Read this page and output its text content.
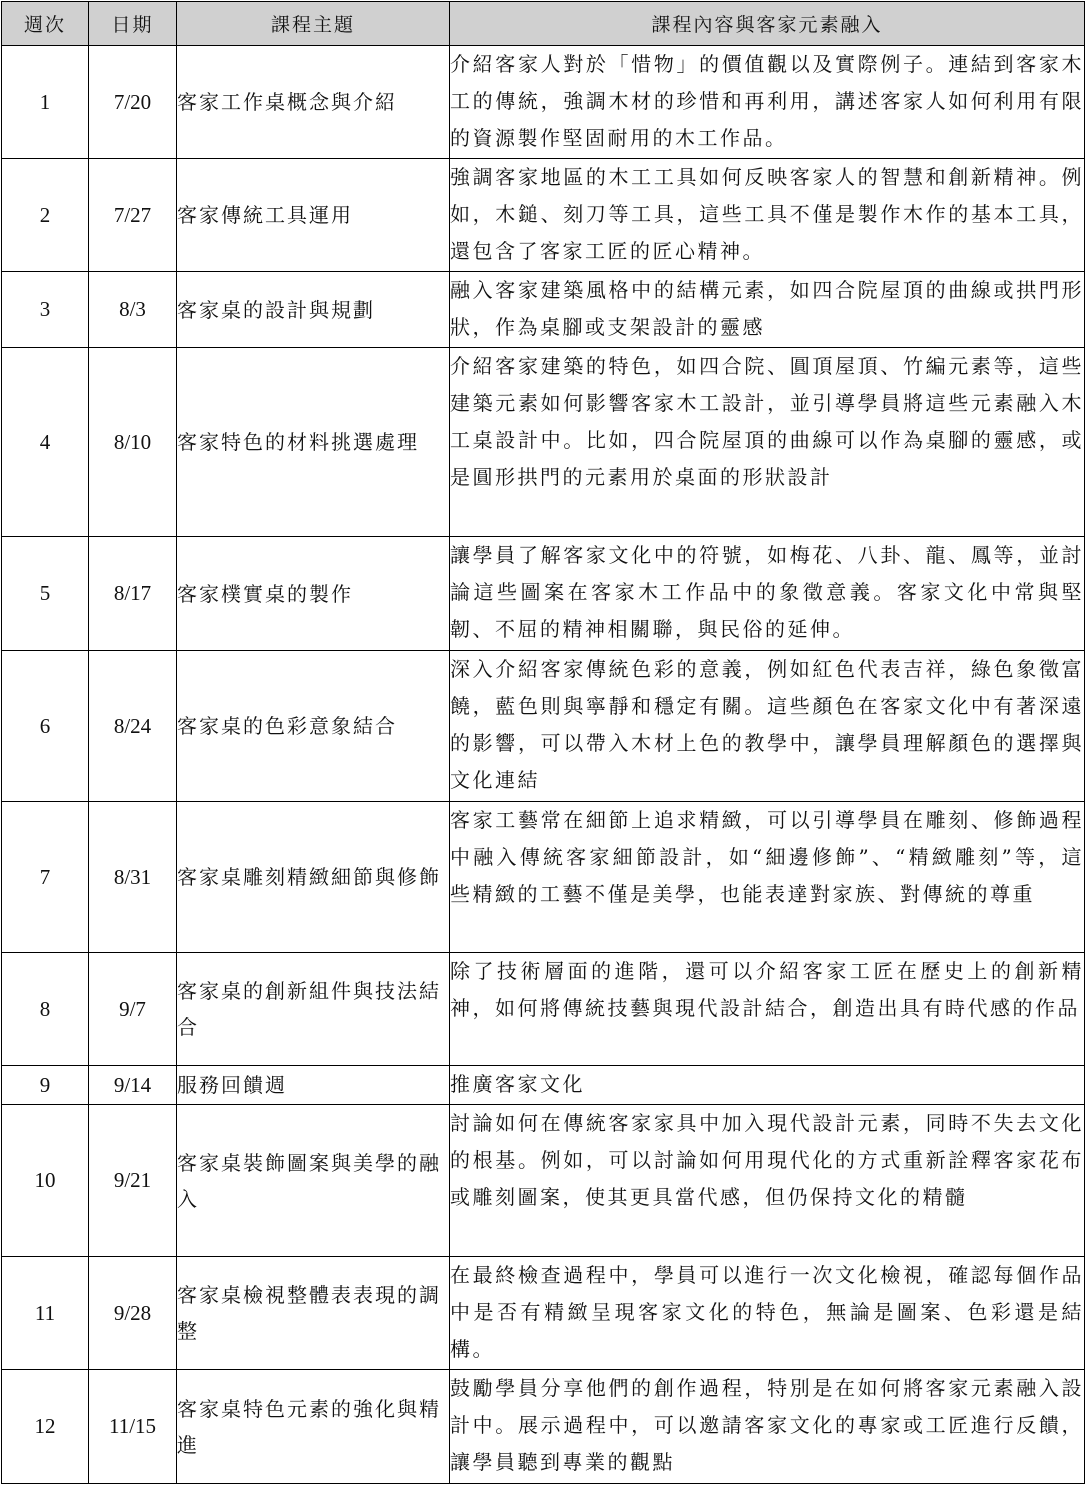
週次	日期	課程主題	課程內容與客家元素融入
1	7/20	客家工作桌概念與介紹	介紹客家人對於「惜物」的價值觀以及實際例子。連結到客家木工的傳統，強調木材的珍惜和再利用，講述客家人如何利用有限的資源製作堅固耐用的木工作品。
2	7/27	客家傳統工具運用	強調客家地區的木工工具如何反映客家人的智慧和創新精神。例如，木鎚、刻刀等工具，這些工具不僅是製作木作的基本工具，還包含了客家工匠的匠心精神。
3	8/3	客家桌的設計與規劃	融入客家建築風格中的結構元素，如四合院屋頂的曲線或拱門形狀，作為桌腳或支架設計的靈感
4	8/10	客家特色的材料挑選處理	介紹客家建築的特色，如四合院、圓頂屋頂、竹編元素等，這些建築元素如何影響客家木工設計，並引導學員將這些元素融入木工桌設計中。比如，四合院屋頂的曲線可以作為桌腳的靈感，或是圓形拱門的元素用於桌面的形狀設計
5	8/17	客家樸實桌的製作	讓學員了解客家文化中的符號，如梅花、八卦、龍、鳳等，並討論這些圖案在客家木工作品中的象徵意義。客家文化中常與堅韌、不屈的精神相關聯，與民俗的延伸。
6	8/24	客家桌的色彩意象結合	深入介紹客家傳統色彩的意義，例如紅色代表吉祥，綠色象徵富饒，藍色則與寧靜和穩定有關。這些顏色在客家文化中有著深遠的影響，可以帶入木材上色的教學中，讓學員理解顏色的選擇與文化連結
7	8/31	客家桌雕刻精緻細節與修飾	客家工藝常在細節上追求精緻，可以引導學員在雕刻、修飾過程中融入傳統客家細節設計，如“細邊修飾”、“精緻雕刻”等，這些精緻的工藝不僅是美學，也能表達對家族、對傳統的尊重
8	9/7	客家桌的創新組件與技法結合	除了技術層面的進階，還可以介紹客家工匠在歷史上的創新精神，如何將傳統技藝與現代設計結合，創造出具有時代感的作品
9	9/14	服務回饋週	推廣客家文化
10	9/21	客家桌裝飾圖案與美學的融入	討論如何在傳統客家家具中加入現代設計元素，同時不失去文化的根基。例如，可以討論如何用現代化的方式重新詮釋客家花布或雕刻圖案，使其更具當代感，但仍保持文化的精髓
11	9/28	客家桌檢視整體表表現的調整	在最終檢查過程中，學員可以進行一次文化檢視，確認每個作品中是否有精緻呈現客家文化的特色，無論是圖案、色彩還是結構。
12	11/15	客家桌特色元素的強化與精進	鼓勵學員分享他們的創作過程，特別是在如何將客家元素融入設計中。展示過程中，可以邀請客家文化的專家或工匠進行反饋，讓學員聽到專業的觀點
